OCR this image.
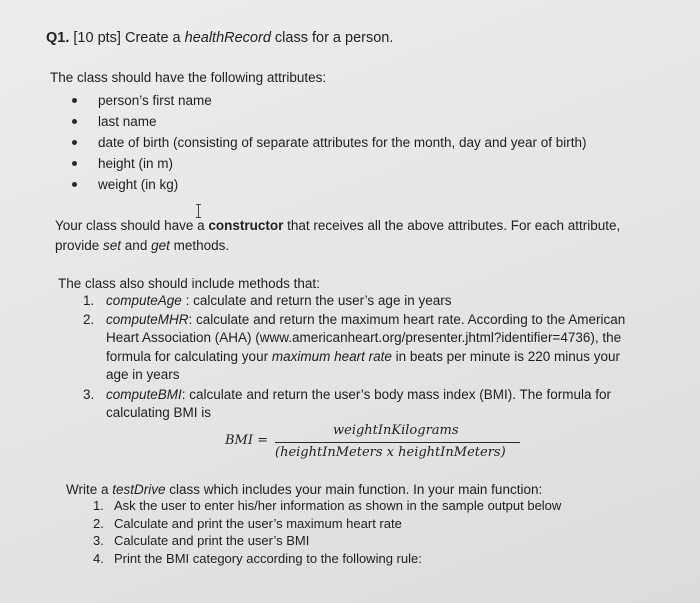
Q1. [10 pts] Create a healthRecord class for a person.
The class should have the following attributes:
person’s first name
last name
date of birth (consisting of separate attributes for the month, day and year of birth)
height (in m)
weight (in kg)
Your class should have a constructor that receives all the above attributes. For each attribute,
provide set and get methods.
The class also should include methods that:
1. computeAge : calculate and return the user’s age in years
2. computeMHR: calculate and return the maximum heart rate. According to the American
Heart Association (AHA) (www.americanheart.org/presenter.jhtml?identifier=4736), the
formula for calculating your maximum heart rate in beats per minute is 220 minus your
age in years
3. computeBMI: calculate and return the user’s body mass index (BMI). The formula for
calculating BMI is
BMI =
weightInKilograms
(heightInMeters x heightInMeters)
Write a testDrive class which includes your main function. In your main function:
1. Ask the user to enter his/her information as shown in the sample output below
2. Calculate and print the user’s maximum heart rate
3. Calculate and print the user’s BMI
4. Print the BMI category according to the following rule:
